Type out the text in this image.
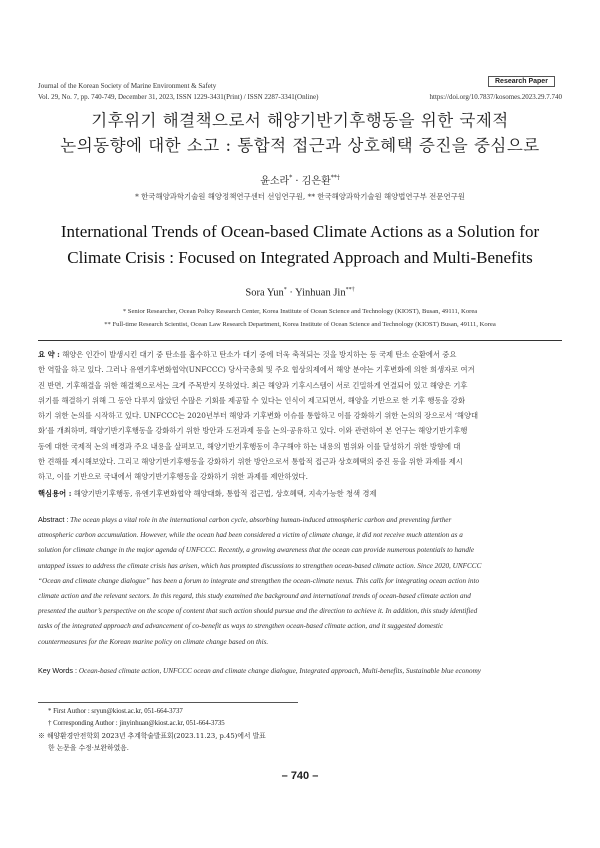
Journal of the Korean Society of Marine Environment & Safety
Research Paper
Vol. 29, No. 7, pp. 740-749, December 31, 2023, ISSN 1229-3431(Print) / ISSN 2287-3341(Online)	https://doi.org/10.7837/kosomes.2023.29.7.740
기후위기 해결책으로서 해양기반기후행동을 위한 국제적
논의동향에 대한 소고 : 통합적 접근과 상호혜택 증진을 중심으로
윤소라* · 김은환**†
* 한국해양과학기술원 해양정책연구센터 선임연구원, ** 한국해양과학기술원 해양법연구부 전문연구원
International Trends of Ocean-based Climate Actions as a Solution for
Climate Crisis : Focused on Integrated Approach and Multi-Benefits
Sora Yun* · Yinhuan Jin**†
* Senior Researcher, Ocean Policy Research Center, Korea Institute of Ocean Science and Technology (KIOST), Busan, 49111, Korea
** Full-time Research Scientist, Ocean Law Research Department, Korea Institute of Ocean Science and Technology (KIOST) Busan, 49111, Korea
요 약 : 해양은 인간이 발생시킨 대기 중 탄소를 흡수하고 탄소가 대기 중에 더욱 축적되는 것을 방지하는 등 국제 탄소 순환에서 중요
한 역할을 하고 있다. 그러나 유엔기후변화협약(UNFCCC) 당사국총회 및 주요 협상의제에서 해양 분야는 기후변화에 의한 희생자로 여겨
진 반면, 기후해결을 위한 해결책으로서는 크게 주목받지 못하였다. 최근 해양과 기후시스템이 서로 긴밀하게 연결되어 있고 해양은 기후
위기를 해결하기 위해 그 동안 다루지 않았던 수많은 기회를 제공할 수 있다는 인식이 제고되면서, 해양을 기반으로 한 기후 행동을 강화
하기 위한 논의를 시작하고 있다. UNFCCC는 2020년부터 해양과 기후변화 이슈를 통합하고 이를 강화하기 위한 논의의 장으로서 ‘해양대
화’를 개최하며, 해양기반기후행동을 강화하기 위한 방안과 도전과제 등을 논의·공유하고 있다. 이와 관련하여 본 연구는 해양기반기후행
동에 대한 국제적 논의 배경과 주요 내용을 살펴보고, 해양기반기후행동이 추구해야 하는 내용의 범위와 이를 달성하기 위한 방향에 대
한 견해를 제시해보았다. 그리고 해양기반기후행동을 강화하기 위한 방안으로서 통합적 접근과 상호혜택의 증진 등을 위한 과제를 제시
하고, 이를 기반으로 국내에서 해양기반기후행동을 강화하기 위한 과제를 제안하였다.
핵심용어 : 해양기반기후행동, 유엔기후변화협약 해양대화, 통합적 접근법, 상호혜택, 지속가능한 청색 경제
Abstract : The ocean plays a vital role in the international carbon cycle, absorbing human-induced atmospheric carbon and preventing further
atmospheric carbon accumulation. However, while the ocean had been considered a victim of climate change, it did not receive much attention as a
solution for climate change in the major agenda of UNFCCC. Recently, a growing awareness that the ocean can provide numerous potentials to handle
untapped issues to address the climate crisis has arisen, which has prompted discussions to strengthen ocean-based climate action. Since 2020, UNFCCC
“Ocean and climate change dialogue” has been a forum to integrate and strengthen the ocean-climate nexus. This calls for integrating ocean action into
climate action and the relevant sectors. In this regard, this study examined the background and international trends of ocean-based climate action and
presented the author’s perspective on the scope of content that such action should pursue and the direction to achieve it. In addition, this study identified
tasks of the integrated approach and advancement of co-benefit as ways to strengthen ocean-based climate action, and it suggested domestic
countermeasures for the Korean marine policy on climate change based on this.
Key Words : Ocean-based climate action, UNFCCC ocean and climate change dialogue, Integrated approach, Multi-benefits, Sustainable blue economy
* First Author : sryun@kiost.ac.kr, 051-664-3737
† Corresponding Author : jinyinhuan@kiost.ac.kr, 051-664-3735
※ 해양환경안전학회 2023년 추계학술발표회(2023.11.23, p.45)에서 발표
한 논문을 수정·보완하였음.
– 740 –
